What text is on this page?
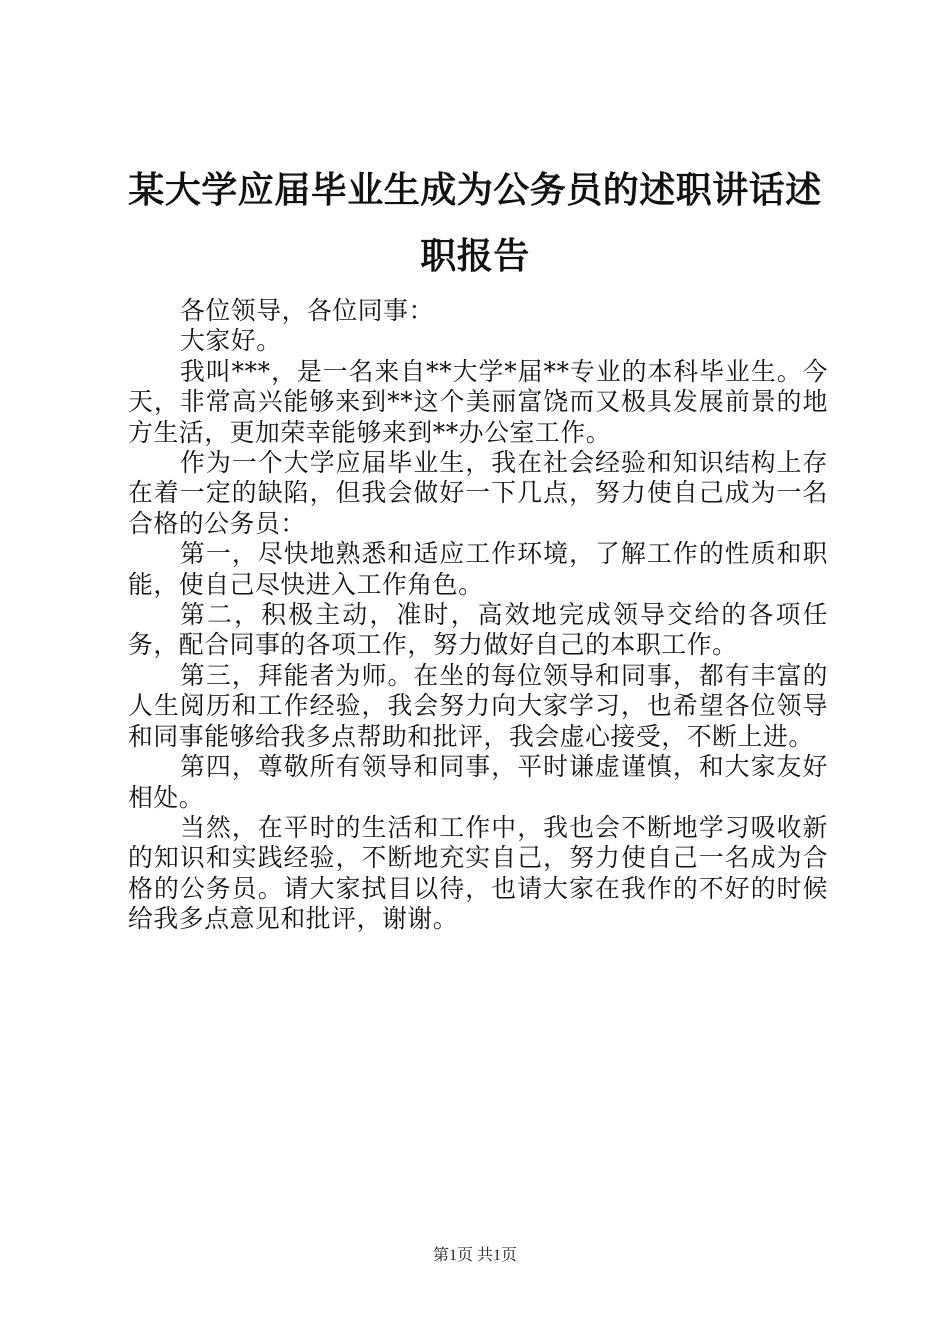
某大学应届毕业生成为公务员的述职讲话述职报告

各位领导，各位同事：

大家好。

我叫***，是一名来自**大学*届**专业的本科毕业生。今天，非常高兴能够来到**这个美丽富饶而又极具发展前景的地方生活，更加荣幸能够来到**办公室工作。

作为一个大学应届毕业生，我在社会经验和知识结构上存在着一定的缺陷，但我会做好一下几点，努力使自己成为一名合格的公务员：

第一，尽快地熟悉和适应工作环境，了解工作的性质和职能，使自己尽快进入工作角色。

第二，积极主动，准时，高效地完成领导交给的各项任务，配合同事的各项工作，努力做好自己的本职工作。

第三，拜能者为师。在坐的每位领导和同事，都有丰富的人生阅历和工作经验，我会努力向大家学习，也希望各位领导和同事能够给我多点帮助和批评，我会虚心接受，不断上进。

第四，尊敬所有领导和同事，平时谦虚谨慎，和大家友好相处。

当然，在平时的生活和工作中，我也会不断地学习吸收新的知识和实践经验，不断地充实自己，努力使自己一名成为合格的公务员。请大家拭目以待，也请大家在我作的不好的时候给我多点意见和批评，谢谢。

第1页 共1页
